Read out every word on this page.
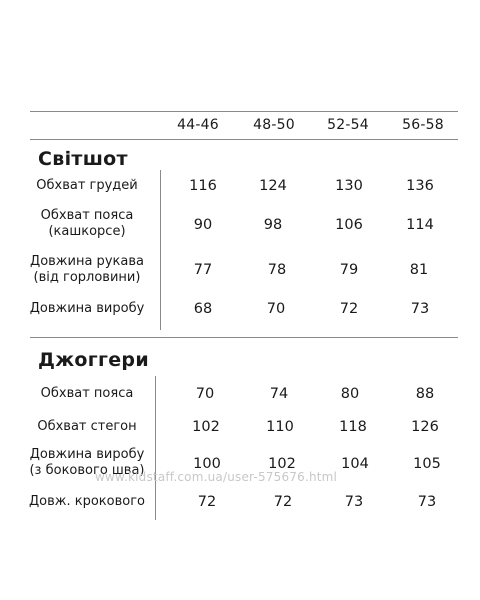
44-46	48-50	52-54	56-58
Світшот
Обхват грудей	116	124	130	136
Обхват пояса
(кашкорсе)	90	98	106	114
Довжина рукава
(від горловини)	77	78	79	81
Довжина виробу	68	70	72	73
Джоггери
Обхват пояса	70	74	80	88
Обхват стегон	102	110	118	126
Довжина виробу
(з бокового шва)	100	102	104	105
Довж. крокового	72	72	73	73
www.kidstaff.com.ua/user-575676.html
